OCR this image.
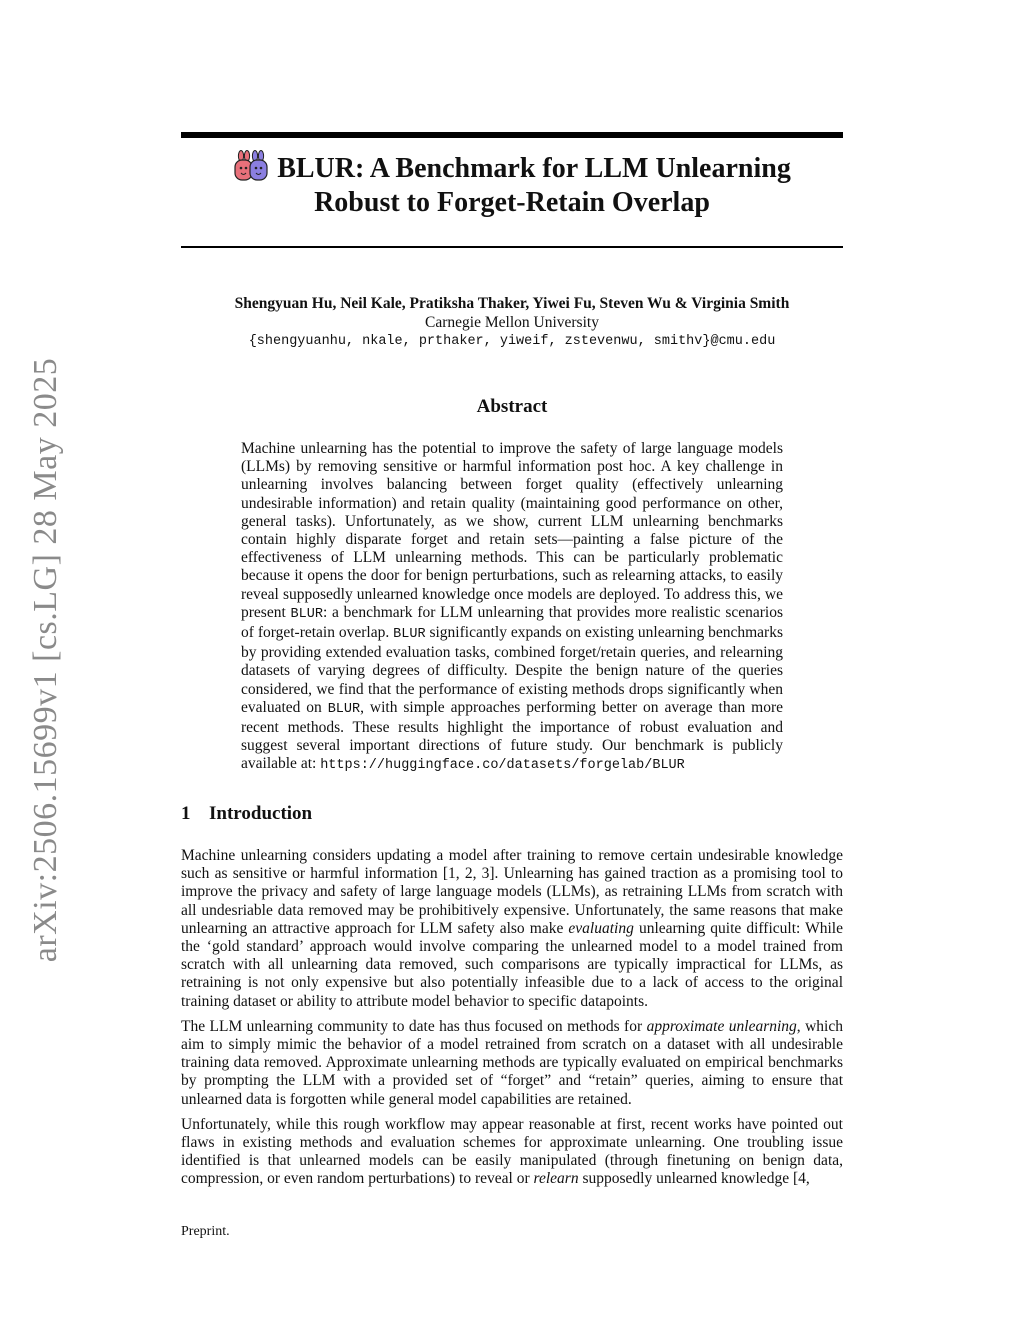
arXiv:2506.15699v1 [cs.LG] 28 May 2025
BLUR: A Benchmark for LLM Unlearning
Robust to Forget-Retain Overlap
Shengyuan Hu, Neil Kale, Pratiksha Thaker, Yiwei Fu, Steven Wu & Virginia Smith
Carnegie Mellon University
{shengyuanhu, nkale, prthaker, yiweif, zstevenwu, smithv}@cmu.edu
Abstract
Machine unlearning has the potential to improve the safety of large language models (LLMs) by removing sensitive or harmful information post hoc. A key challenge in unlearning involves balancing between forget quality (effectively unlearning undesirable information) and retain quality (maintaining good performance on other, general tasks). Unfortunately, as we show, current LLM unlearning benchmarks contain highly disparate forget and retain sets—painting a false picture of the effectiveness of LLM unlearning methods. This can be particularly problematic because it opens the door for benign perturbations, such as relearning attacks, to easily reveal supposedly unlearned knowledge once models are deployed. To address this, we present BLUR: a benchmark for LLM unlearning that provides more realistic scenarios of forget-retain overlap. BLUR significantly expands on existing unlearning benchmarks by providing extended evaluation tasks, combined forget/retain queries, and relearning datasets of varying degrees of difficulty. Despite the benign nature of the queries considered, we find that the performance of existing methods drops significantly when evaluated on BLUR, with simple approaches performing better on average than more recent methods. These results highlight the importance of robust evaluation and suggest several important directions of future study. Our benchmark is publicly available at: https://huggingface.co/datasets/forgelab/BLUR
1 Introduction

Machine unlearning considers updating a model after training to remove certain undesirable knowledge such as sensitive or harmful information [1, 2, 3]. Unlearning has gained traction as a promising tool to improve the privacy and safety of large language models (LLMs), as retraining LLMs from scratch with all undesriable data removed may be prohibitively expensive. Unfortunately, the same reasons that make unlearning an attractive approach for LLM safety also make evaluating unlearning quite difficult: While the ‘gold standard’ approach would involve comparing the unlearned model to a model trained from scratch with all unlearning data removed, such comparisons are typically impractical for LLMs, as retraining is not only expensive but also potentially infeasible due to a lack of access to the original training dataset or ability to attribute model behavior to specific datapoints.

The LLM unlearning community to date has thus focused on methods for approximate unlearning, which aim to simply mimic the behavior of a model retrained from scratch on a dataset with all undesirable training data removed. Approximate unlearning methods are typically evaluated on empirical benchmarks by prompting the LLM with a provided set of “forget” and “retain” queries, aiming to ensure that unlearned data is forgotten while general model capabilities are retained.

Unfortunately, while this rough workflow may appear reasonable at first, recent works have pointed out flaws in existing methods and evaluation schemes for approximate unlearning. One troubling issue identified is that unlearned models can be easily manipulated (through finetuning on benign data, compression, or even random perturbations) to reveal or relearn supposedly unlearned knowledge [4,

Preprint.
